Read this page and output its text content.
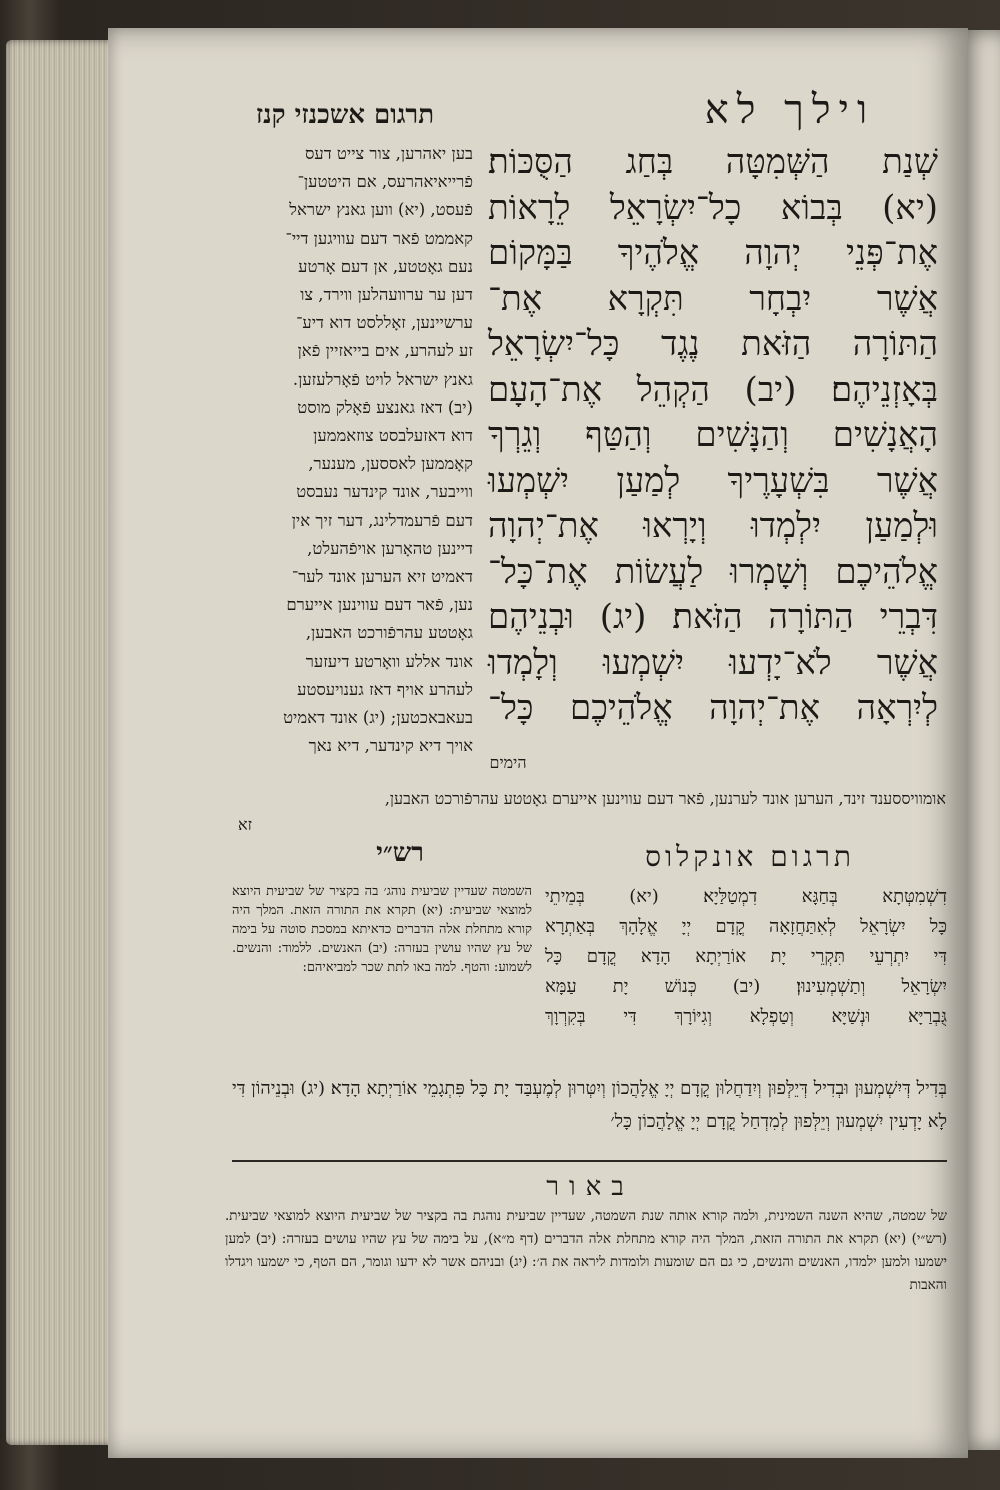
וילך לא
תרגום אשכנזי קנז
שְׁנַת הַשְּׁמִטָּה בְּחַג הַסֻּכּוֹת׃
(יא) בְּבוֹא כָל־יִשְׂרָאֵל לֵרָאוֹת
אֶת־פְּנֵי יְהוָה אֱלֹהֶיךָ בַּמָּקוֹם
אֲשֶׁר יִבְחָר תִּקְרָא אֶת־
הַתּוֹרָה הַזֹּאת נֶגֶד כָּל־יִשְׂרָאֵל
בְּאָזְנֵיהֶם׃ (יב) הַקְהֵל אֶת־הָעָם
הָאֲנָשִׁים וְהַנָּשִׁים וְהַטַּף וְגֵרְךָ
אֲשֶׁר בִּשְׁעָרֶיךָ לְמַעַן יִשְׁמְעוּ
וּלְמַעַן יִלְמְדוּ וְיָרְאוּ אֶת־יְהוָה
אֱלֹהֵיכֶם וְשָׁמְרוּ לַעֲשׂוֹת אֶת־כָּל־
דִּבְרֵי הַתּוֹרָה הַזֹּאת׃ (יג) וּבְנֵיהֶם
אֲשֶׁר לֹא־יָדְעוּ יִשְׁמְעוּ וְלָמְדוּ
לְיִרְאָה אֶת־יְהוָה אֱלֹהֵיכֶם כָּל־
הימים
בען יאהרען, צור צייט דעס
פֿרייאיאהרעס, אם היטטען־
פֿעסט, (יא) ווען גאנץ ישראל
קאממט פֿאר דעם עוויגען דיי־
נעם גאָטטע, אן דעם אָרטע
דען ער ערוועהלען ווירד, צו
ערשיינען, זאָללסט דוא דיע־
זע לעהרע, אים בייאזיין פֿאן
גאנץ ישראל לויט פֿאָרלעזען.
(יב) דאז גאנצע פֿאָלק מוסט
דוא דאזעלבסט צוזאממען
קאָממען לאססען, מענער,
ווייבער, אונד קינדער נעבסט
דעם פֿרעמדלינג, דער זיך אין
דיינען טהאָרען אויפֿהעלט,
דאמיט זיא הערען אונד לער־
נען, פֿאר דעם עווינען אייערם
גאָטטע עהרפֿורכט האבען,
אונד אללע וואָרטע דיעזער
לעהרע אויף דאז גענויעסטע
בעאבאכטען; (יג) אונד דאמיט
אויך דיא קינדער, דיא נאך
אומוויססענד זינד, הערען אונד לערנען, פֿאר דעם עווינען אייערם גאָטטע עהרפֿורכט האבען,
זא
רש״י	תרגום אונקלוס
השמטה שעדיין שביעית נוהג׳ בה בקציר של שביעית היוצא למוצאי שביעית: (יא) תקרא את התורה הזאת. המלך היה קורא מתחלת אלה הדברים כדאיתא במסכת סוטה על בימה של עץ שהיו עושין בעזרה: (יב) האנשים. ללמוד: והנשים. לשמוע: והטף. למה באו לתת שכר למביאיהם:
דִשְׁמִטְּתָא בְּחַגָּא דִמְטַלַּיָא׃ (יא) בְּמֵיתֵי
כָּל יִשְׂרָאֵל לְאִתַּחֲזָאָה קֳדָם יְיָ אֱלָהָךְ בְּאַתְרָא
דִּי יִתְרְעֵי תִּקְרֵי יָת אוֹרַיְתָא הָדָא קֳדָם כָּל
יִשְׂרָאֵל וְתַשְׁמְעִינוּן׃ (יב) כְּנוֹשׁ יָת עַמָּא
גֻּבְרַיָּא וּנְשַׁיָּא וְטַפְלָא וְגִיּוֹרָךְ דִּי בְּקִרְוָךְ
בְּדִיל דְּיִשְׁמְעוּן וּבְדִיל דְּיֵלְּפוּן וְיִדַחֲלוּן קֳדָם יְיָ אֱלָהֲכוֹן וְיִטְּרוּן לְמֶעְבַּד יָת כָּל פִּתְגָמֵי אוֹרַיְתָא הָדָא׃ (יג) וּבְנֵיהוֹן דִּי לָא יָדְעִין יִשְׁמְעוּן וְיֵלְּפוּן לְמִדְחַל קֳדָם יְיָ אֱלָהֲכוֹן כָּל׳
באור
של שמטה, שהיא השנה השמינית, ולמה קורא אותה שנת השמטה, שעדיין שביעית נוהגת בה בקציר של שביעית היוצא למוצאי שביעית. (רש״י) (יא) תקרא את התורה הזאת, המלך היה קורא מתחלת אלה הדברים (דף מ״א), על בימה של עץ שהיו עושים בעזרה: (יב) למען ישמעו ולמען ילמדו, האנשים והנשים, כי גם הם שומעות ולומדות ליראה את ה׳: (יג) ובניהם אשר לא ידעו וגומר, הם הטף, כי ישמעו ויגדלו והאבות
